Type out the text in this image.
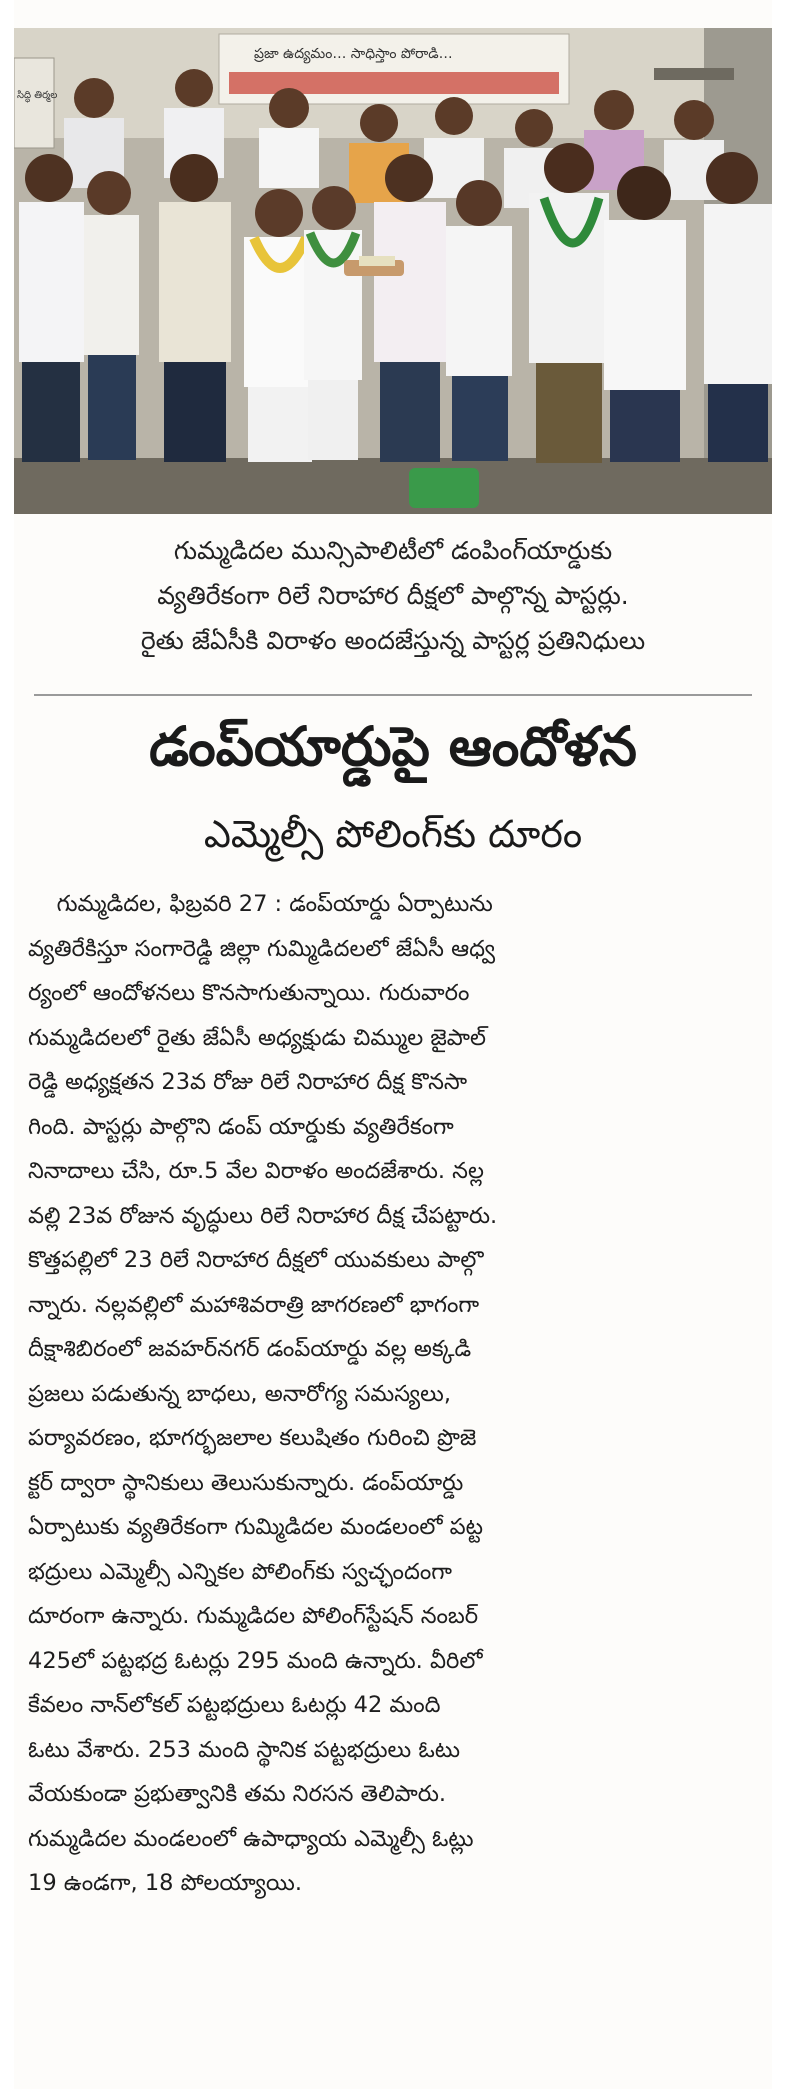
సిద్ధి తిర్మల
ప్రజా ఉద్యమం… సాధిస్తాం పోరాడి…
గుమ్మడిదల మున్సిపాలిటీలో డంపింగ్‌యార్డుకు
వ్యతిరేకంగా రిలే నిరాహార దీక్షలో పాల్గొన్న పాస్టర్లు.
రైతు జేఏసీకి విరాళం అందజేస్తున్న పాస్టర్ల ప్రతినిధులు
డంప్‌యార్డుపై ఆందోళన
ఎమ్మెల్సీ పోలింగ్‌కు దూరం
గుమ్మడిదల, ఫిబ్రవరి 27 : డంప్‌యార్డు ఏర్పాటును
వ్యతిరేకిస్తూ సంగారెడ్డి జిల్లా గుమ్మిడిదలలో జేఏసీ ఆధ్వ
ర్యంలో ఆందోళనలు కొనసాగుతున్నాయి. గురువారం
గుమ్మడిదలలో రైతు జేఏసీ అధ్యక్షుడు చిమ్ముల జైపాల్
రెడ్డి అధ్యక్షతన 23వ రోజు రిలే నిరాహార దీక్ష కొనసా
గింది. పాస్టర్లు పాల్గొని డంప్ యార్డుకు వ్యతిరేకంగా
నినాదాలు చేసి, రూ.5 వేల విరాళం అందజేశారు. నల్ల
వల్లి 23వ రోజున వృద్ధులు రిలే నిరాహార దీక్ష చేపట్టారు.
కొత్తపల్లిలో 23 రిలే నిరాహార దీక్షలో యువకులు పాల్గొ
న్నారు. నల్లవల్లిలో మహాశివరాత్రి జాగరణలో భాగంగా
దీక్షాశిబిరంలో జవహర్‌నగర్ డంప్‌యార్డు వల్ల అక్కడి
ప్రజలు పడుతున్న బాధలు, అనారోగ్య సమస్యలు,
పర్యావరణం, భూగర్భజలాల కలుషితం గురించి ప్రొజె
క్టర్ ద్వారా స్థానికులు తెలుసుకున్నారు. డంప్‌యార్డు
ఏర్పాటుకు వ్యతిరేకంగా గుమ్మిడిదల మండలంలో పట్ట
భద్రులు ఎమ్మెల్సీ ఎన్నికల పోలింగ్‌కు స్వచ్ఛందంగా
దూరంగా ఉన్నారు. గుమ్మడిదల పోలింగ్‌స్టేషన్ నంబర్
425లో పట్టభద్ర ఓటర్లు 295 మంది ఉన్నారు. వీరిలో
కేవలం నాన్‌లోకల్ పట్టభద్రులు ఓటర్లు 42 మంది
ఓటు వేశారు. 253 మంది స్థానిక పట్టభద్రులు ఓటు
వేయకుండా ప్రభుత్వానికి తమ నిరసన తెలిపారు.
గుమ్మడిదల మండలంలో ఉపాధ్యాయ ఎమ్మెల్సీ ఓట్లు
19 ఉండగా, 18 పోలయ్యాయి.
